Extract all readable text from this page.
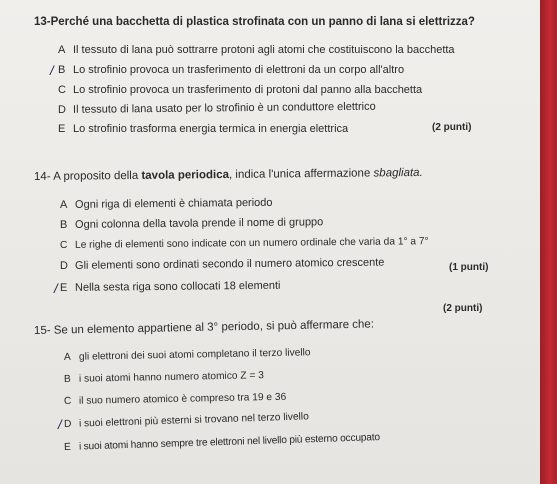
13-Perché una bacchetta di plastica strofinata con un panno di lana si elettrizza?
A Il tessuto di lana può sottrarre protoni agli atomi che costituiscono la bacchetta
B Lo strofinio provoca un trasferimento di elettroni da un corpo all'altro
/
C Lo strofinio provoca un trasferimento di protoni dal panno alla bacchetta
D Il tessuto di lana usato per lo strofinio è un conduttore elettrico
E Lo strofinio trasforma energia termica in energia elettrica	(2 punti)
14- A proposito della tavola periodica, indica l'unica affermazione sbagliata.
A Ogni riga di elementi è chiamata periodo
B Ogni colonna della tavola prende il nome di gruppo
C Le righe di elementi sono indicate con un numero ordinale che varia da 1° a 7°
D Gli elementi sono ordinati secondo il numero atomico crescente	(1 punti)
E Nella sesta riga sono collocati 18 elementi
/
(2 punti)
15- Se un elemento appartiene al 3° periodo, si può affermare che:
A gli elettroni dei suoi atomi completano il terzo livello
B i suoi atomi hanno numero atomico Z = 3
C il suo numero atomico è compreso tra 19 e 36
D i suoi elettroni più esterni si trovano nel terzo livello
/
E i suoi atomi hanno sempre tre elettroni nel livello più esterno occupato
